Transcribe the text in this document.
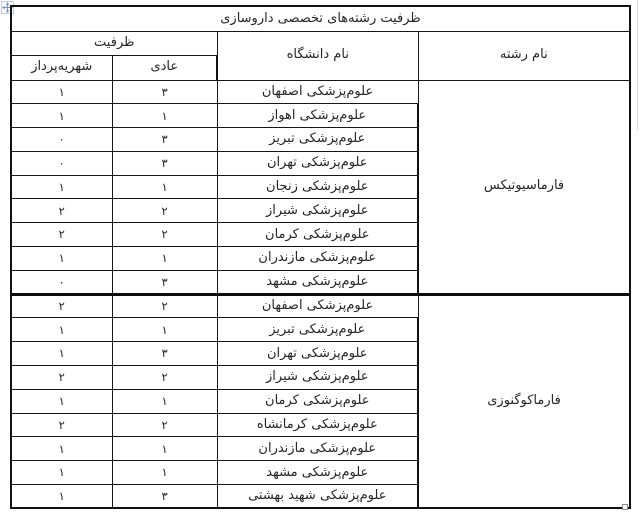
ظرفیت رشته‌های تخصصی داروسازی			
نام رشته	نام دانشگاه	ظرفیت	
		عادی	شهریه‌پرداز
فارماسیوتیکس	علوم‌پزشکی اصفهان	۳	۱
	علوم‌پزشکی اهواز	۱	۱
	علوم‌پزشکی تبریز	۳	۰
	علوم‌پزشکی تهران	۳	۰
	علوم‌پزشکی زنجان	۱	۱
	علوم‌پزشکی شیراز	۲	۲
	علوم‌پزشکی کرمان	۲	۲
	علوم‌پزشکی مازندران	۱	۱
	علوم‌پزشکی مشهد	۳	۰
فارماکوگنوزی	علوم‌پزشکی اصفهان	۲	۲
	علوم‌پزشکی تبریز	۱	۱
	علوم‌پزشکی تهران	۳	۱
	علوم‌پزشکی شیراز	۲	۲
	علوم‌پزشکی کرمان	۱	۱
	علوم‌پزشکی کرمانشاه	۲	۲
	علوم‌پزشکی مازندران	۱	۱
	علوم‌پزشکی مشهد	۱	۱
	علوم‌پزشکی شهید بهشتی	۳	۱
